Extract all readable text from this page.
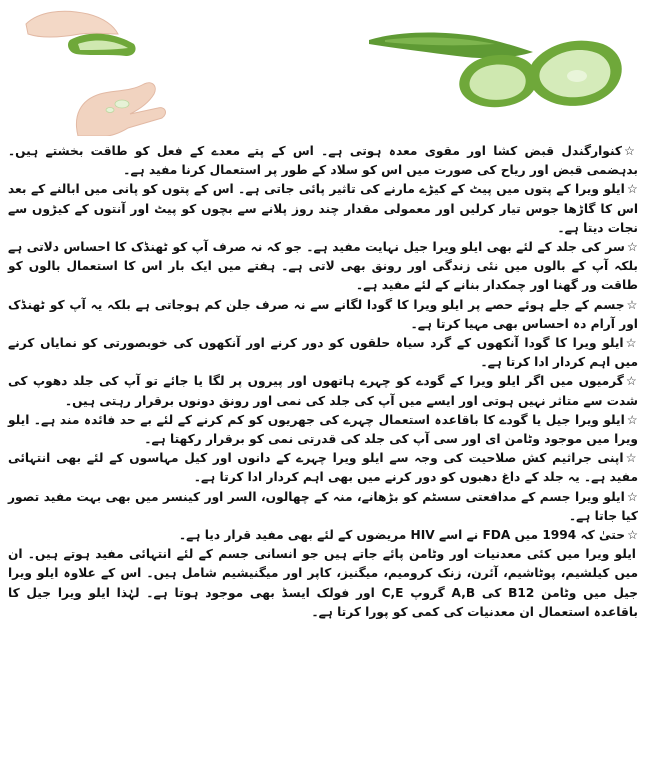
☆کنوارگندل قبض کشا اور مقوی معدہ ہوتی ہے۔ اس کے پتے معدے کے فعل کو طاقت بخشتے ہیں۔ بدہضمی قبض اور ریاح کی صورت میں اس کو سلاد کے طور پر استعمال کرنا مفید ہے۔

☆ایلو ویرا کے پتوں میں پیٹ کے کیڑے مارنے کی تاثیر پائی جاتی ہے۔ اس کے پتوں کو پانی میں ابالنے کے بعد اس کا گاڑھا جوس تیار کرلیں اور معمولی مقدار چند روز پلانے سے بچوں کو پیٹ اور آنتوں کے کیڑوں سے نجات دیتا ہے۔

☆سر کی جلد کے لئے بھی ایلو ویرا جیل نہایت مفید ہے۔ جو کہ نہ صرف آپ کو ٹھنڈک کا احساس دلاتی ہے بلکہ آپ کے بالوں میں نئی زندگی اور رونق بھی لاتی ہے۔ ہفتے میں ایک بار اس کا استعمال بالوں کو طاقت ور گھنا اور چمکدار بنانے کے لئے مفید ہے۔

☆جسم کے جلے ہوئے حصے پر ایلو ویرا کا گودا لگانے سے نہ صرف جلن کم ہوجاتی ہے بلکہ یہ آپ کو ٹھنڈک اور آرام دہ احساس بھی مہیا کرتا ہے۔

☆ایلو ویرا کا گودا آنکھوں کے گرد سیاہ حلقوں کو دور کرنے اور آنکھوں کی خوبصورتی کو نمایاں کرنے میں اہم کردار ادا کرتا ہے۔

☆گرمیوں میں اگر ایلو ویرا کے گودے کو چہرے ہاتھوں اور پیروں پر لگا یا جائے تو آپ کی جلد دھوپ کی شدت سے متاثر نہیں ہوتی اور ایسے میں آپ کی جلد کی نمی اور رونق دونوں برقرار رہتی ہیں۔

☆ایلو ویرا جیل یا گودے کا باقاعدہ استعمال چہرے کی جھریوں کو کم کرنے کے لئے بے حد فائدہ مند ہے۔ ایلو ویرا میں موجود وٹامن ای اور سی آپ کی جلد کی قدرتی نمی کو برقرار رکھتا ہے۔

☆اپنی جراثیم کش صلاحیت کی وجہ سے ایلو ویرا چہرے کے دانوں اور کیل مہاسوں کے لئے بھی انتہائی مفید ہے۔ یہ جلد کے داغ دھبوں کو دور کرنے میں بھی اہم کردار ادا کرتا ہے۔

☆ایلو ویرا جسم کے مدافعتی سسٹم کو بڑھانے، منہ کے چھالوں، السر اور کینسر میں بھی بہت مفید تصور کیا جاتا ہے۔

☆حتیٰ کہ 1994 میں FDA نے اسے HIV مریضوں کے لئے بھی مفید قرار دیا ہے۔

ایلو ویرا میں کئی معدنیات اور وٹامن پائے جاتے ہیں جو انسانی جسم کے لئے انتہائی مفید ہوتے ہیں۔ ان میں کیلشیم، پوٹاشیم، آئرن، زنک کرومیم، میگنیز، کاپر اور میگنیشیم شامل ہیں۔ اس کے علاوہ ایلو ویرا جیل میں وٹامن B12 کی A,B گروپ C,E اور فولک ایسڈ بھی موجود ہوتا ہے۔ لہٰذا ایلو ویرا جیل کا باقاعدہ استعمال ان معدنیات کی کمی کو پورا کرتا ہے۔
